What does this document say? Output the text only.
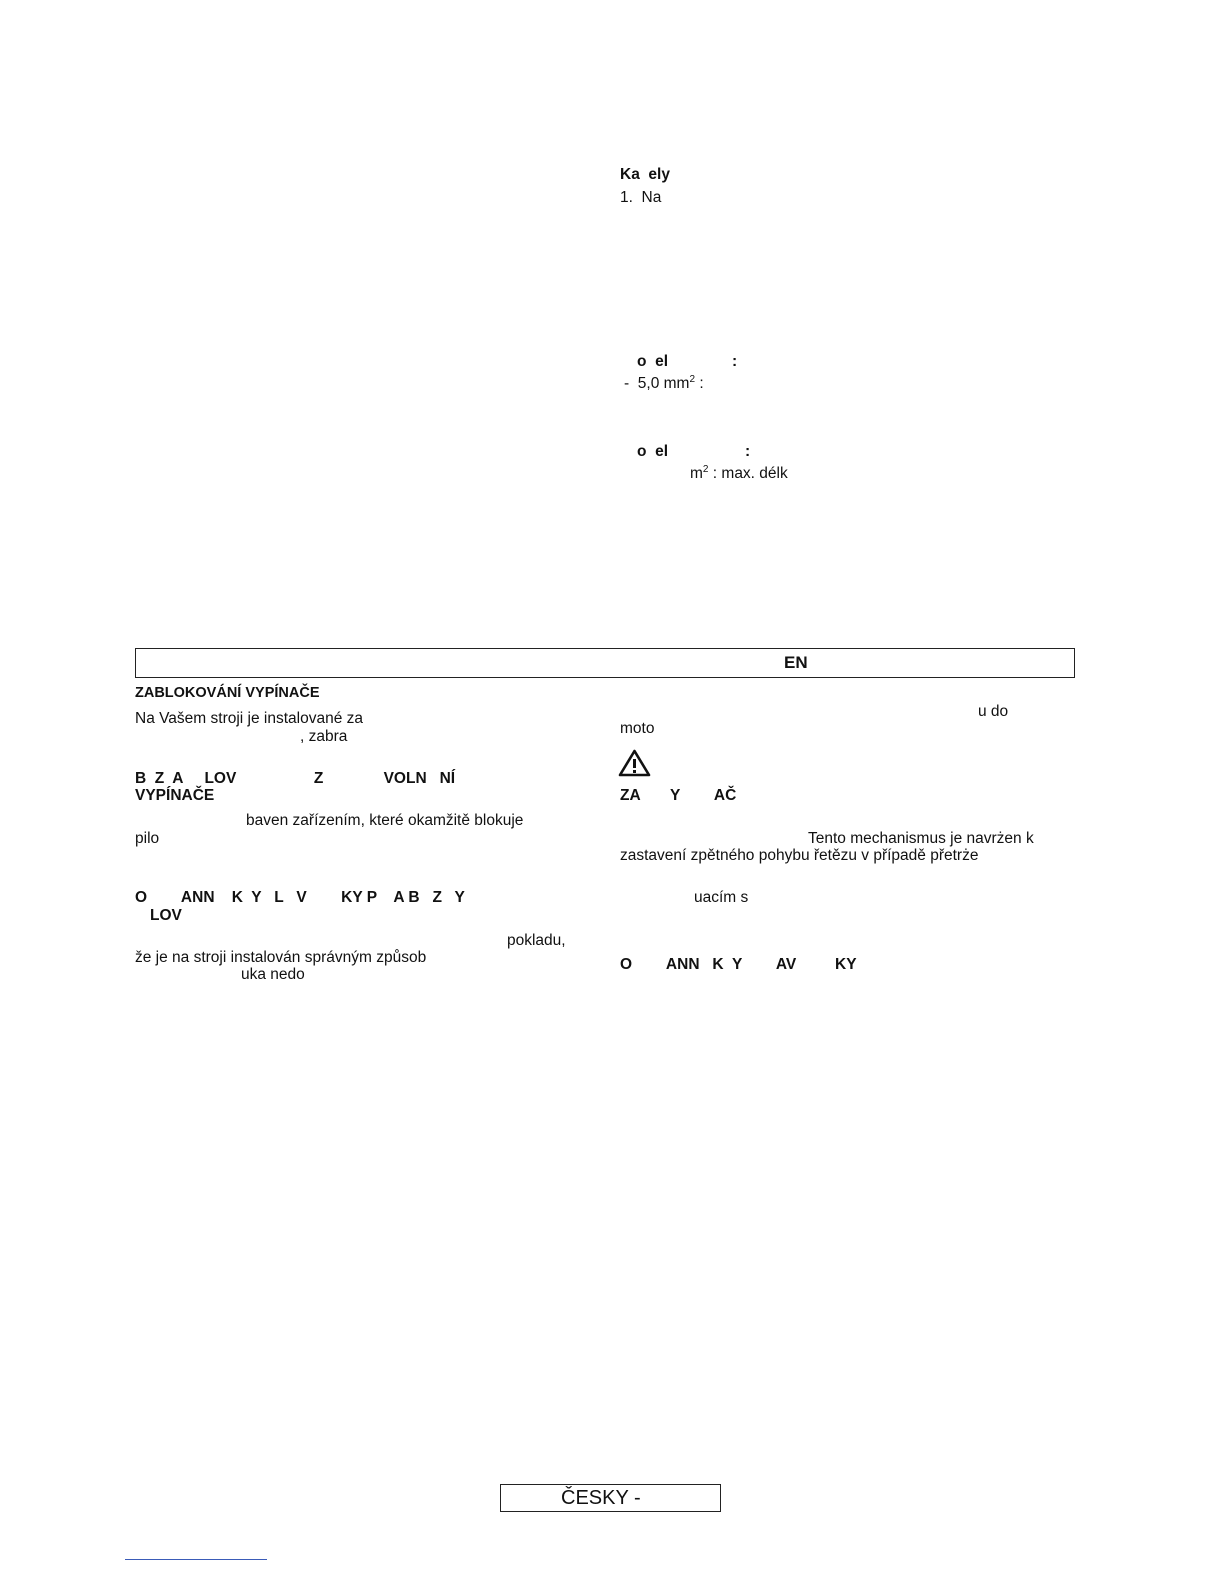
Ka  ely
1.  Na
o  el	:
-  5,0 $mm^2$ :
o  el	:
$m^2$ : max. délk
EN
ZABLOKOVÁNÍ VYPÍNAČE
Na Vašem stroji je instalované za
, zabra
B  Z  A     LOV                  Z              VOLN   NÍ
VYPÍNAČE
baven zařízením, které okamžitě blokuje
pilo
O        ANN    K  Y   L   V        KY P    A B   Z   Y
LOV
pokladu,
že je na stroji instalován správným způsob
uka nedo
u do
moto
ZA       Y        AČ
Tento mechanismus je navrżen k
zastavení zpětného pohybu řetězu v případě přetrże
uacím s
O        ANN   K  Y        AV         KY
ČESKY -
